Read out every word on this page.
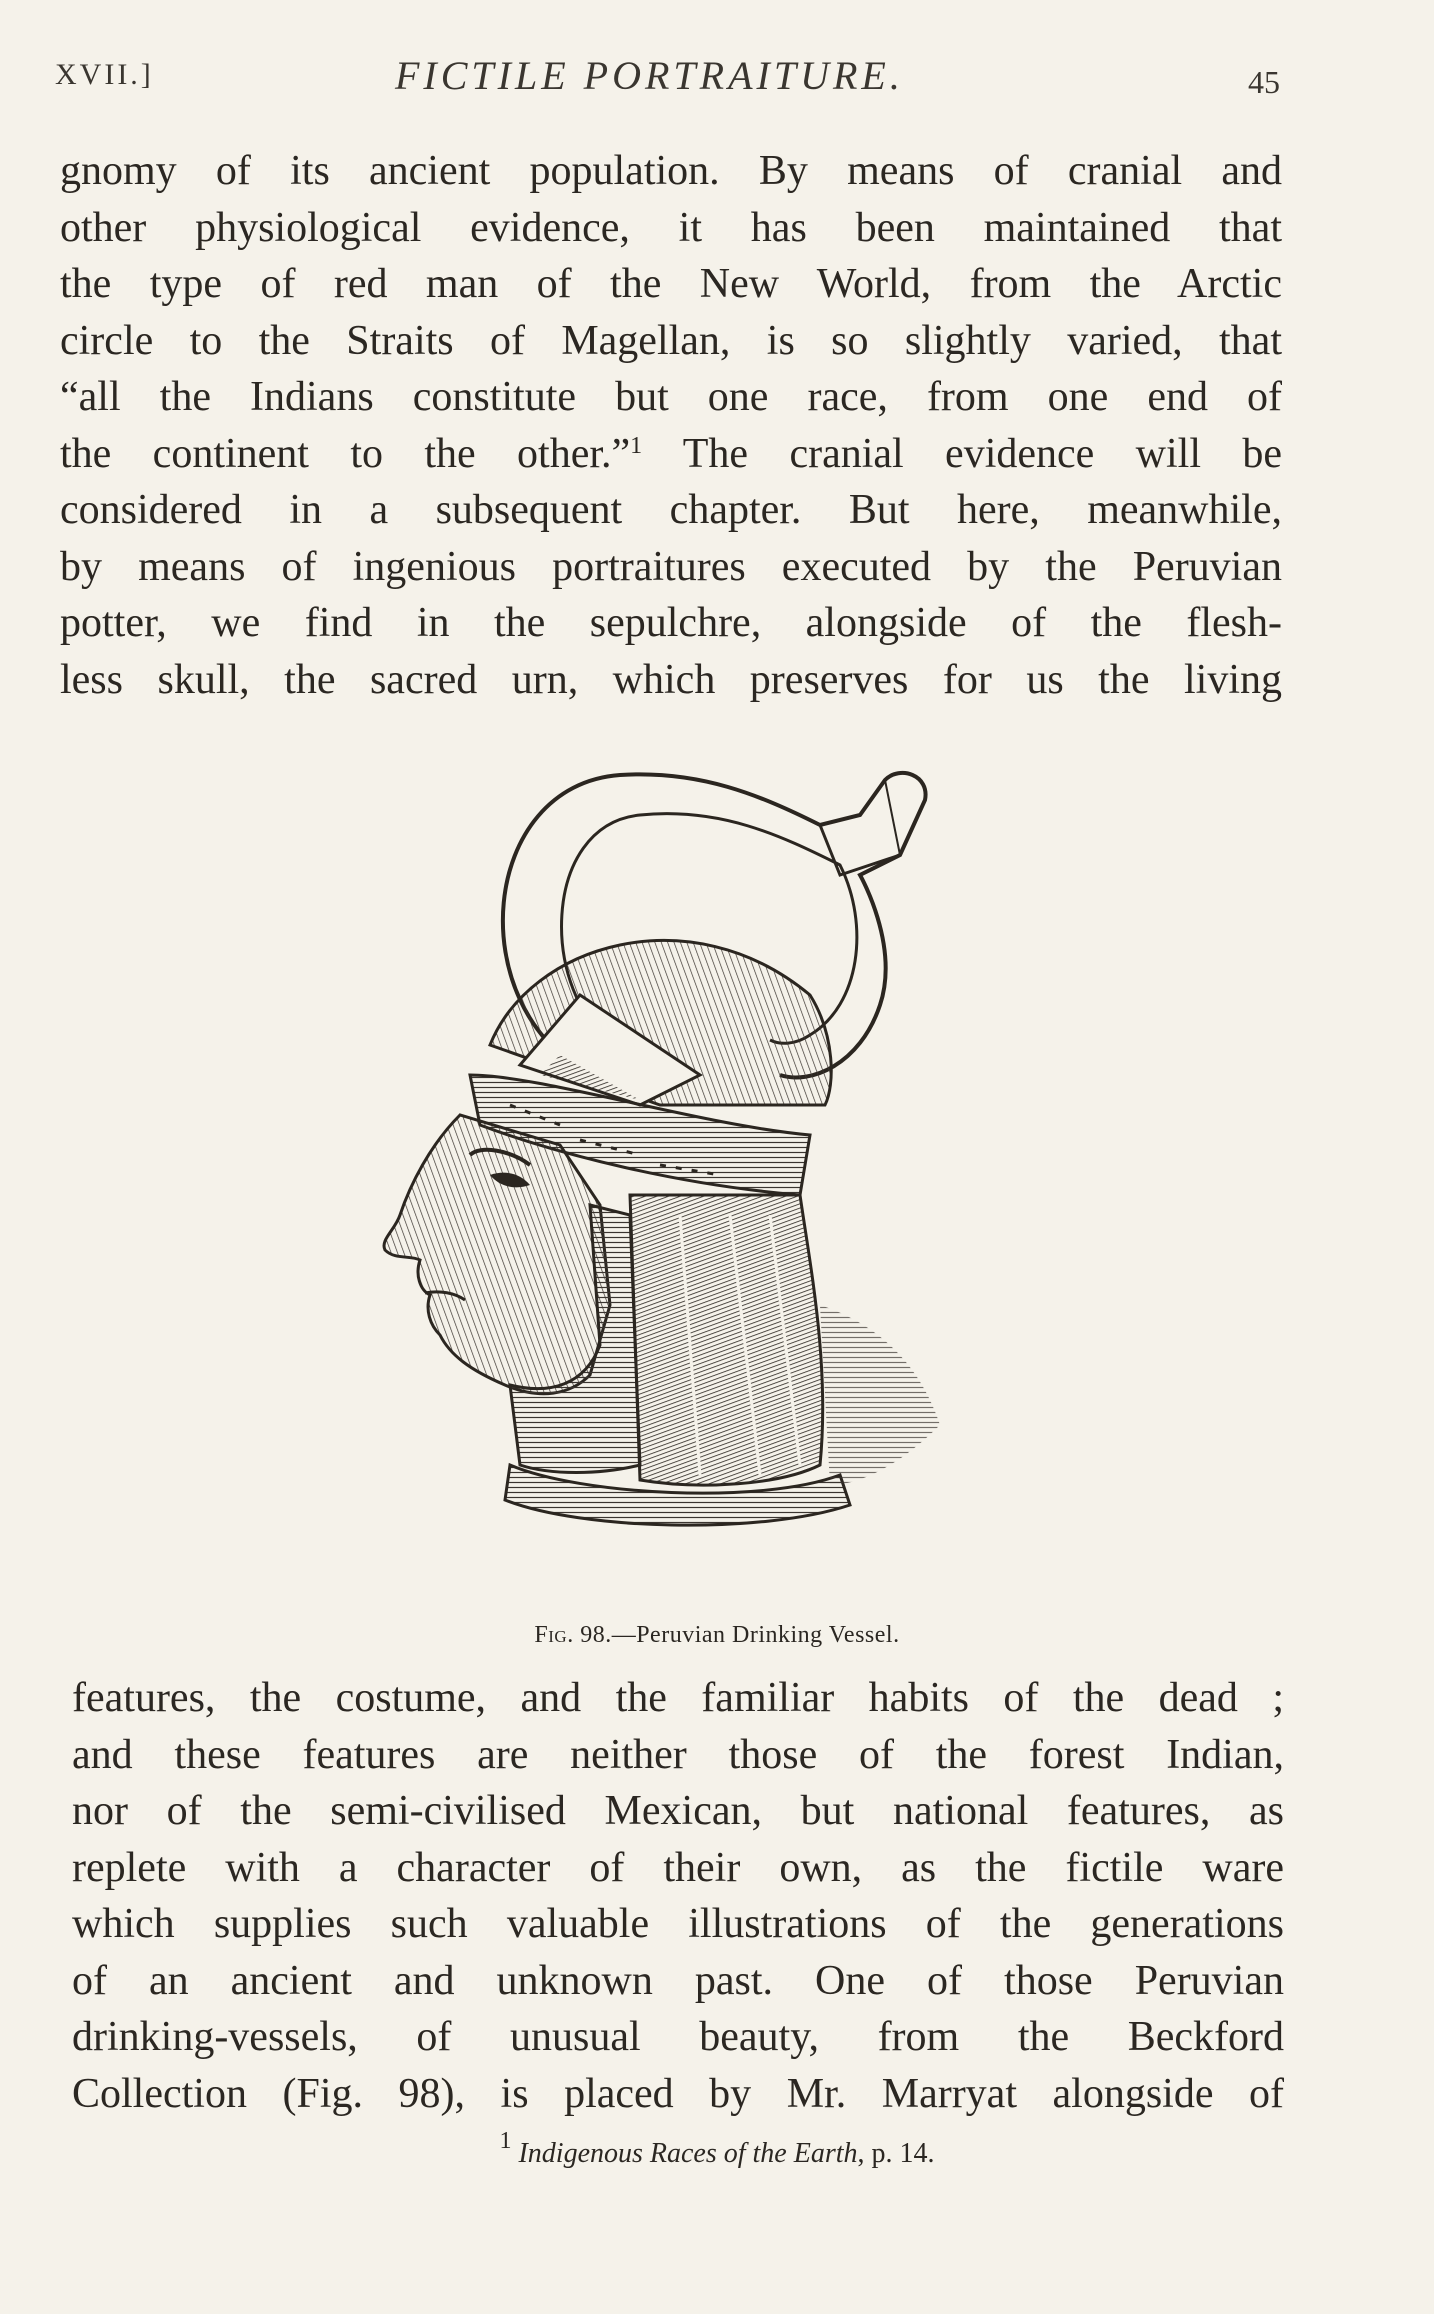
XVII.]	FICTILE PORTRAITURE.	45
gnomy of its ancient population. By means of cranial and
other physiological evidence, it has been maintained that
the type of red man of the New World, from the Arctic
circle to the Straits of Magellan, is so slightly varied, that
“all the Indians constitute but one race, from one end of
the continent to the other.”$^1$ The cranial evidence will be
considered in a subsequent chapter. But here, meanwhile,
by means of ingenious portraitures executed by the Peruvian
potter, we find in the sepulchre, alongside of the flesh-
less skull, the sacred urn, which preserves for us the living
Fig. 98.—Peruvian Drinking Vessel.
features, the costume, and the familiar habits of the dead ;
and these features are neither those of the forest Indian,
nor of the semi-civilised Mexican, but national features, as
replete with a character of their own, as the fictile ware
which supplies such valuable illustrations of the generations
of an ancient and unknown past. One of those Peruvian
drinking-vessels, of unusual beauty, from the Beckford
Collection (Fig. 98), is placed by Mr. Marryat alongside of
$^1$ Indigenous Races of the Earth, p. 14.
